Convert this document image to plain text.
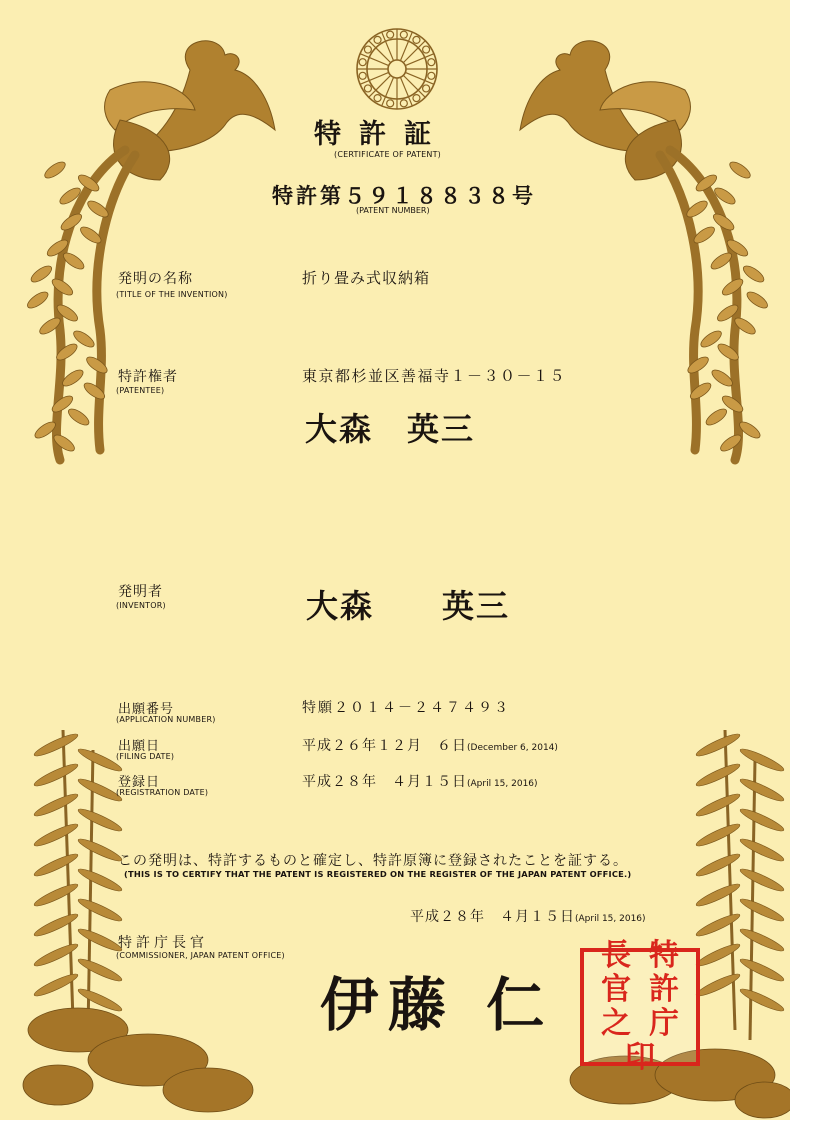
特許証
(CERTIFICATE OF PATENT)
特許第５９１８８３８号
(PATENT NUMBER)
発明の名称
(TITLE OF THE INVENTION)
折り畳み式収納箱
特許権者
(PATENTEE)
東京都杉並区善福寺１－３０－１５
大森　英三
発明者
(INVENTOR)	大森　　英三
出願番号
(APPLICATION NUMBER)
特願２０１４－２４７４９３
出願日
(FILING DATE)
平成２６年１２月　６日(December 6, 2014)
登録日
(REGISTRATION DATE)
平成２８年　４月１５日(April 15, 2016)
この発明は、特許するものと確定し、特許原簿に登録されたことを証する。
(THIS IS TO CERTIFY THAT THE PATENT IS REGISTERED ON THE REGISTER OF THE JAPAN PATENT OFFICE.)
平成２８年　４月１５日(April 15, 2016)
特許庁長官
(COMMISSIONER, JAPAN PATENT OFFICE)
伊藤 仁
長 特
官 許
之 庁
印
